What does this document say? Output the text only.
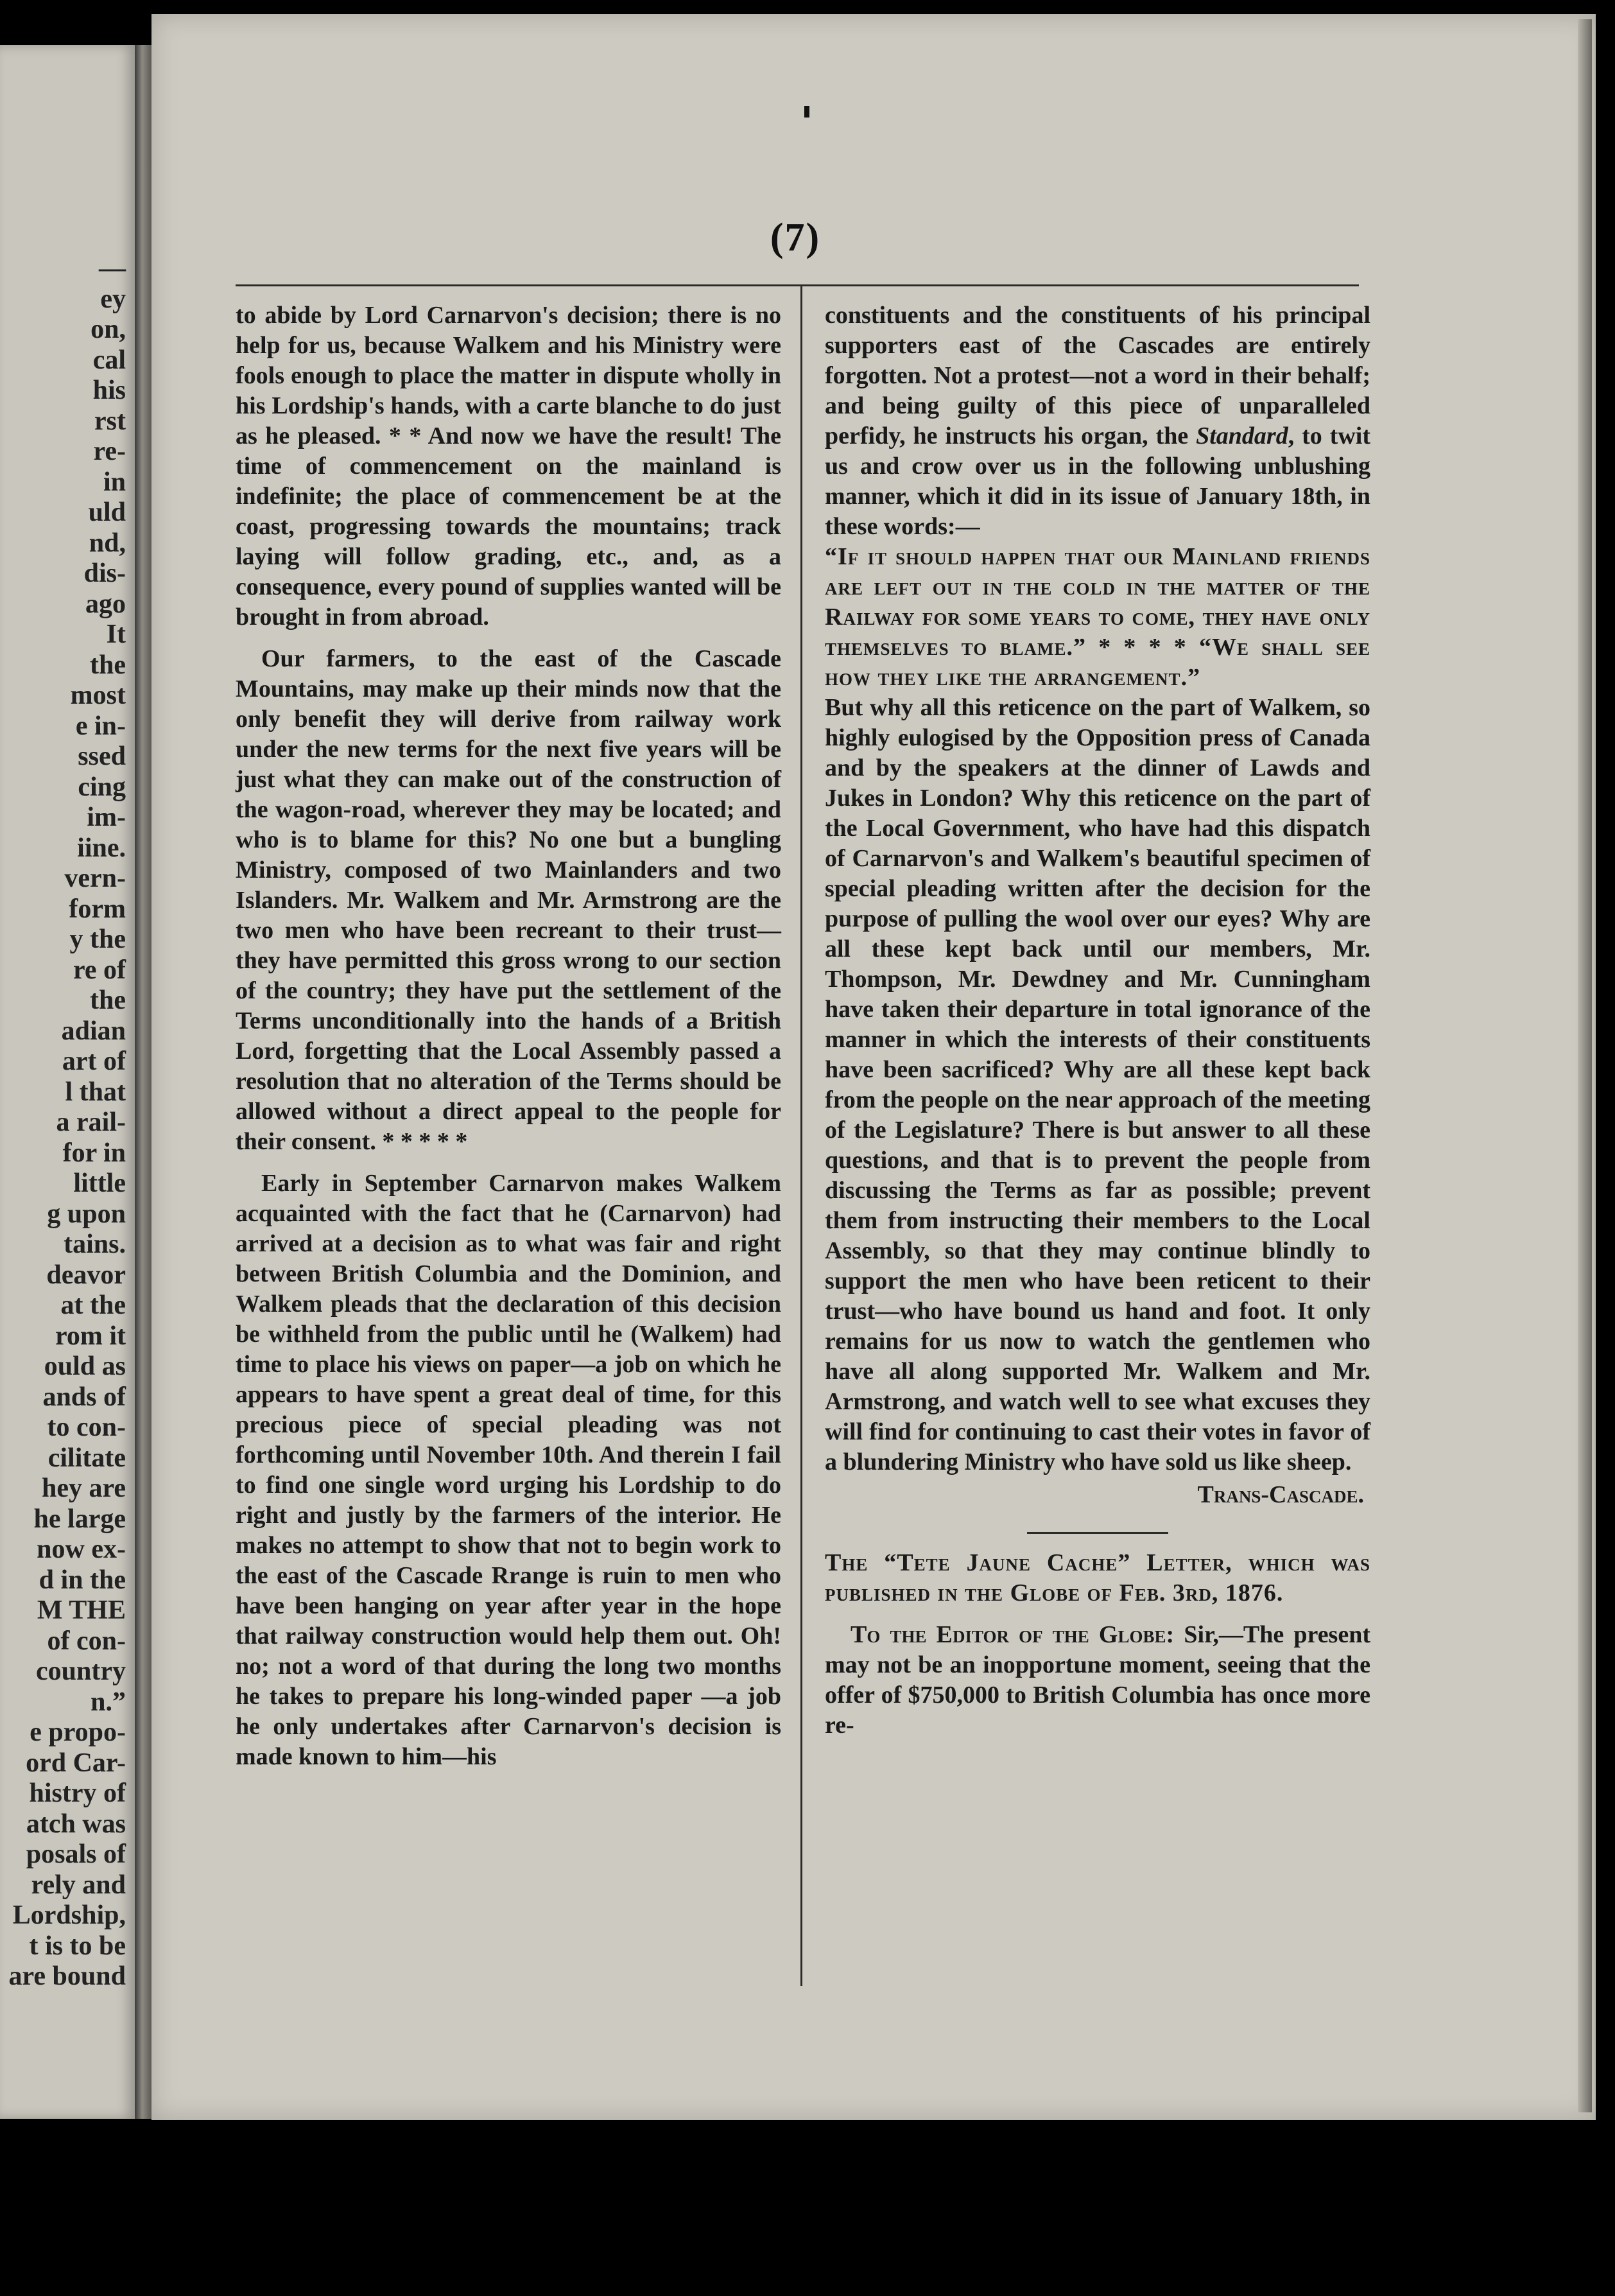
—
ey
on,
cal
his
rst
re-
in
uld
nd,
dis-
ago
It
the
most
e in-
ssed
cing
im-
iine.
vern-
form
y the
re of
the
adian
art of
l that
a rail-
for in
little
g upon
tains.
deavor
at the
rom it
ould as
ands of
to con-
cilitate
hey are
he large
now ex-
d in the
M THE
of con-
country
n.”
e propo-
ord Car-
histry of
atch was
posals of
rely and
Lordship,
t is to be
are bound
(7)

to abide by Lord Carnarvon's decision; there is no help for us, because Walkem and his Ministry were fools enough to place the matter in dispute wholly in his Lordship's hands, with a carte blanche to do just as he pleased. * * And now we have the result! The time of commencement on the mainland is indefinite; the place of commencement be at the coast, progressing towards the mountains; track laying will follow grading, etc., and, as a consequence, every pound of supplies wanted will be brought in from abroad.

Our farmers, to the east of the Cascade Mountains, may make up their minds now that the only benefit they will derive from railway work under the new terms for the next five years will be just what they can make out of the construction of the wagon-road, wherever they may be located; and who is to blame for this? No one but a bungling Ministry, composed of two Mainlanders and two Islanders. Mr. Walkem and Mr. Armstrong are the two men who have been recreant to their trust—they have permitted this gross wrong to our section of the country; they have put the settlement of the Terms unconditionally into the hands of a British Lord, forgetting that the Local Assembly passed a resolution that no alteration of the Terms should be allowed without a direct appeal to the people for their consent. * * * * *

Early in September Carnarvon makes Walkem acquainted with the fact that he (Carnarvon) had arrived at a decision as to what was fair and right between British Columbia and the Dominion, and Walkem pleads that the declaration of this decision be withheld from the public until he (Walkem) had time to place his views on paper—a job on which he appears to have spent a great deal of time, for this precious piece of special pleading was not forthcoming until November 10th. And therein I fail to find one single word urging his Lordship to do right and justly by the farmers of the interior. He makes no attempt to show that not to begin work to the east of the Cascade Rrange is ruin to men who have been hanging on year after year in the hope that railway construction would help them out. Oh! no; not a word of that during the long two months he takes to prepare his long-winded paper —a job he only undertakes after Carnarvon's decision is made known to him—his

constituents and the constituents of his principal supporters east of the Cascades are entirely forgotten. Not a protest—not a word in their behalf; and being guilty of this piece of unparalleled perfidy, he instructs his organ, the Standard, to twit us and crow over us in the following unblushing manner, which it did in its issue of January 18th, in these words:—

“If it should happen that our Mainland friends are left out in the cold in the matter of the Railway for some years to come, they have only themselves to blame.” * * * * “We shall see how they like the arrangement.”

But why all this reticence on the part of Walkem, so highly eulogised by the Opposition press of Canada and by the speakers at the dinner of Lawds and Jukes in London? Why this reticence on the part of the Local Government, who have had this dispatch of Carnarvon's and Walkem's beautiful specimen of special pleading written after the decision for the purpose of pulling the wool over our eyes? Why are all these kept back until our members, Mr. Thompson, Mr. Dewdney and Mr. Cunningham have taken their departure in total ignorance of the manner in which the interests of their constituents have been sacrificed? Why are all these kept back from the people on the near approach of the meeting of the Legislature? There is but answer to all these questions, and that is to prevent the people from discussing the Terms as far as possible; prevent them from instructing their members to the Local Assembly, so that they may continue blindly to support the men who have been reticent to their trust—who have bound us hand and foot. It only remains for us now to watch the gentlemen who have all along supported Mr. Walkem and Mr. Armstrong, and watch well to see what excuses they will find for continuing to cast their votes in favor of a blundering Ministry who have sold us like sheep.

Trans-Cascade.

The “Tete Jaune Cache” Letter, which was published in the Globe of Feb. 3rd, 1876.

To the Editor of the Globe: Sir,—The present may not be an inopportune moment, seeing that the offer of $750,000 to British Columbia has once more re-
